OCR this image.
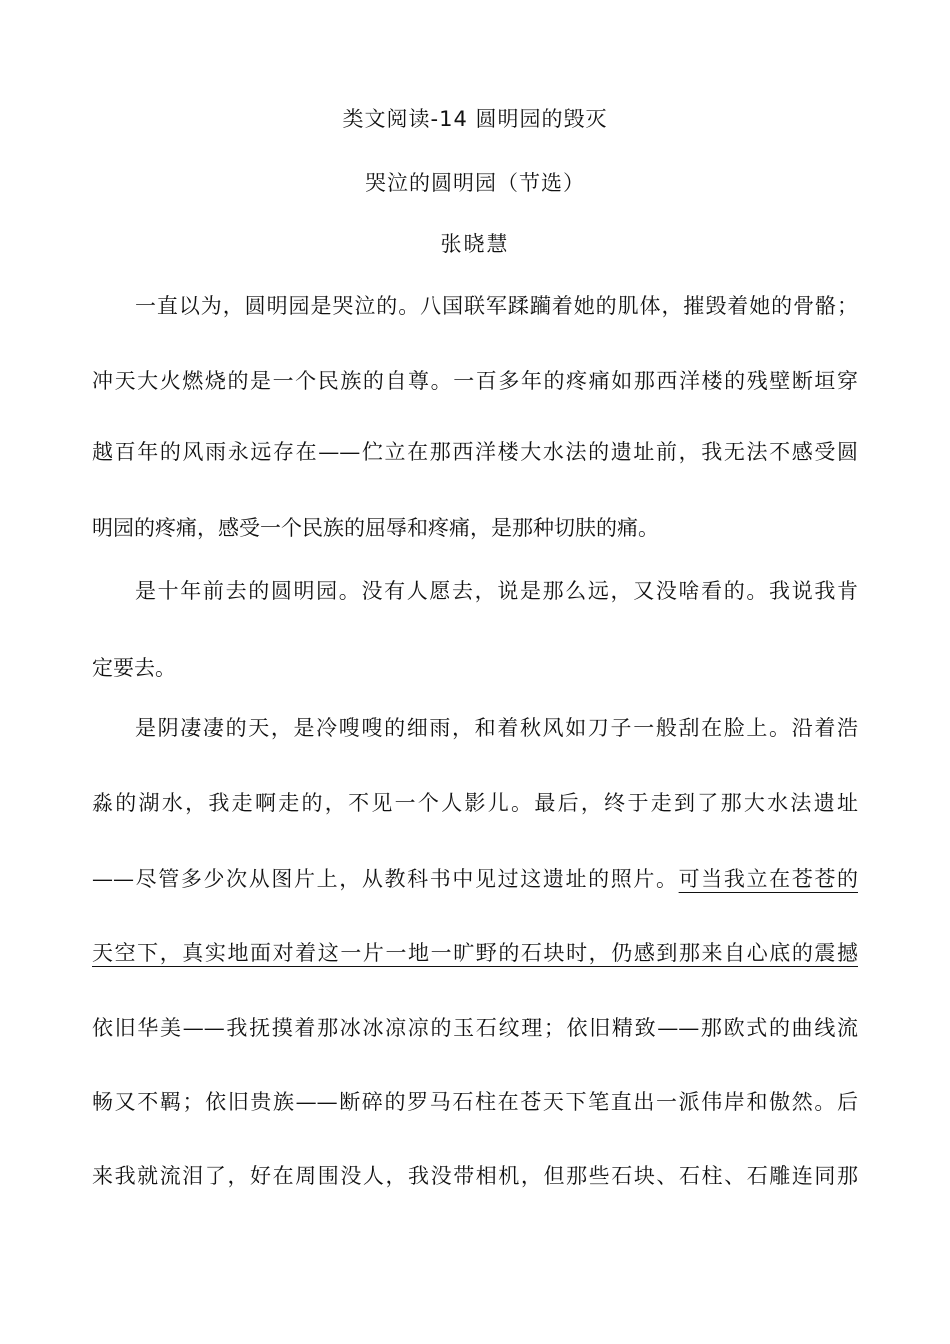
类文阅读-14 圆明园的毁灭
哭泣的圆明园（节选）
张晓慧
一直以为，圆明园是哭泣的。八国联军蹂躏着她的肌体，摧毁着她的骨骼；
冲天大火燃烧的是一个民族的自尊。一百多年的疼痛如那西洋楼的残壁断垣穿
越百年的风雨永远存在——伫立在那西洋楼大水法的遗址前，我无法不感受圆
明园的疼痛，感受一个民族的屈辱和疼痛，是那种切肤的痛。
是十年前去的圆明园。没有人愿去，说是那么远，又没啥看的。我说我肯
定要去。
是阴凄凄的天，是冷嗖嗖的细雨，和着秋风如刀子一般刮在脸上。沿着浩
淼的湖水，我走啊走的，不见一个人影儿。最后，终于走到了那大水法遗址
——尽管多少次从图片上，从教科书中见过这遗址的照片。可当我立在苍苍的
天空下，真实地面对着这一片一地一旷野的石块时，仍感到那来自心底的震撼
依旧华美——我抚摸着那冰冰凉凉的玉石纹理；依旧精致——那欧式的曲线流
畅又不羁；依旧贵族——断碎的罗马石柱在苍天下笔直出一派伟岸和傲然。后
来我就流泪了，好在周围没人，我没带相机，但那些石块、石柱、石雕连同那
